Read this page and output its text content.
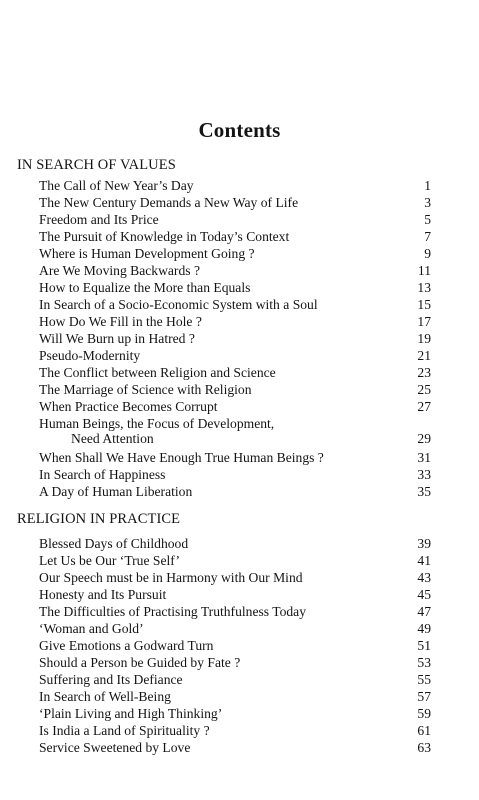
Contents
IN SEARCH OF VALUES
The Call of New Year’s Day	1
The New Century Demands a New Way of Life	3
Freedom and Its Price	5
The Pursuit of Knowledge in Today’s Context	7
Where is Human Development Going ?	9
Are We Moving Backwards ?	11
How to Equalize the More than Equals	13
In Search of a Socio-Economic System with a Soul	15
How Do We Fill in the Hole ?	17
Will We Burn up in Hatred ?	19
Pseudo-Modernity	21
The Conflict between Religion and Science	23
The Marriage of Science with Religion	25
When Practice Becomes Corrupt	27
Human Beings, the Focus of Development,
Need Attention	29
When Shall We Have Enough True Human Beings ?	31
In Search of Happiness	33
A Day of Human Liberation	35
RELIGION IN PRACTICE
Blessed Days of Childhood	39
Let Us be Our ‘True Self’	41
Our Speech must be in Harmony with Our Mind	43
Honesty and Its Pursuit	45
The Difficulties of Practising Truthfulness Today	47
‘Woman and Gold’	49
Give Emotions a Godward Turn	51
Should a Person be Guided by Fate ?	53
Suffering and Its Defiance	55
In Search of Well-Being	57
‘Plain Living and High Thinking’	59
Is India a Land of Spirituality ?	61
Service Sweetened by Love	63
